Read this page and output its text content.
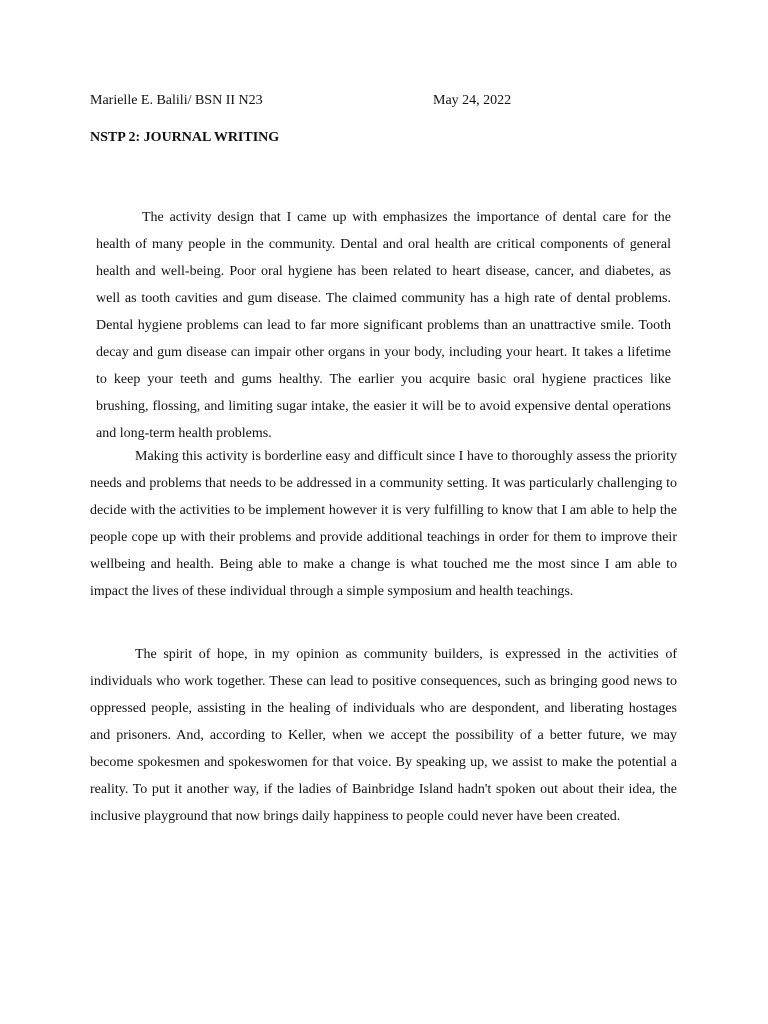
Marielle E. Balili/ BSN II N23	May 24, 2022
NSTP 2: JOURNAL WRITING

The activity design that I came up with emphasizes the importance of dental care for the health of many people in the community. Dental and oral health are critical components of general health and well-being. Poor oral hygiene has been related to heart disease, cancer, and diabetes, as well as tooth cavities and gum disease. The claimed community has a high rate of dental problems. Dental hygiene problems can lead to far more significant problems than an unattractive smile. Tooth decay and gum disease can impair other organs in your body, including your heart. It takes a lifetime to keep your teeth and gums healthy. The earlier you acquire basic oral hygiene practices like brushing, flossing, and limiting sugar intake, the easier it will be to avoid expensive dental operations and long-term health problems.

Making this activity is borderline easy and difficult since I have to thoroughly assess the priority needs and problems that needs to be addressed in a community setting. It was particularly challenging to decide with the activities to be implement however it is very fulfilling to know that I am able to help the people cope up with their problems and provide additional teachings in order for them to improve their wellbeing and health. Being able to make a change is what touched me the most since I am able to impact the lives of these individual through a simple symposium and health teachings.

The spirit of hope, in my opinion as community builders, is expressed in the activities of individuals who work together. These can lead to positive consequences, such as bringing good news to oppressed people, assisting in the healing of individuals who are despondent, and liberating hostages and prisoners. And, according to Keller, when we accept the possibility of a better future, we may become spokesmen and spokeswomen for that voice. By speaking up, we assist to make the potential a reality. To put it another way, if the ladies of Bainbridge Island hadn't spoken out about their idea, the inclusive playground that now brings daily happiness to people could never have been created.
